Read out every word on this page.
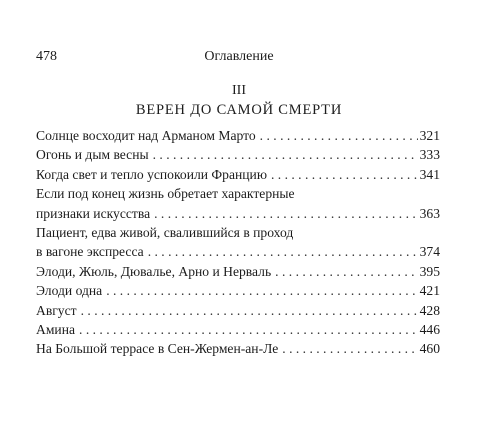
478	Оглавление
III
ВЕРЕН ДО САМОЙ СМЕРТИ
Солнце восходит над Арманом Марто . . .	321
Огонь и дым весны . . .	333
Когда свет и тепло успокоили Францию . . .	341
Если под конец жизнь обретает характерные
признаки искусства . . .	363
Пациент, едва живой, свалившийся в проход
в вагоне экспресса . . .	374
Элоди, Жюль, Дювалье, Арно и Нерваль . . .	395
Элоди одна . . .	421
Август . . .	428
Амина . . .	446
На Большой террасе в Сен-Жермен-ан-Ле . . .	460
